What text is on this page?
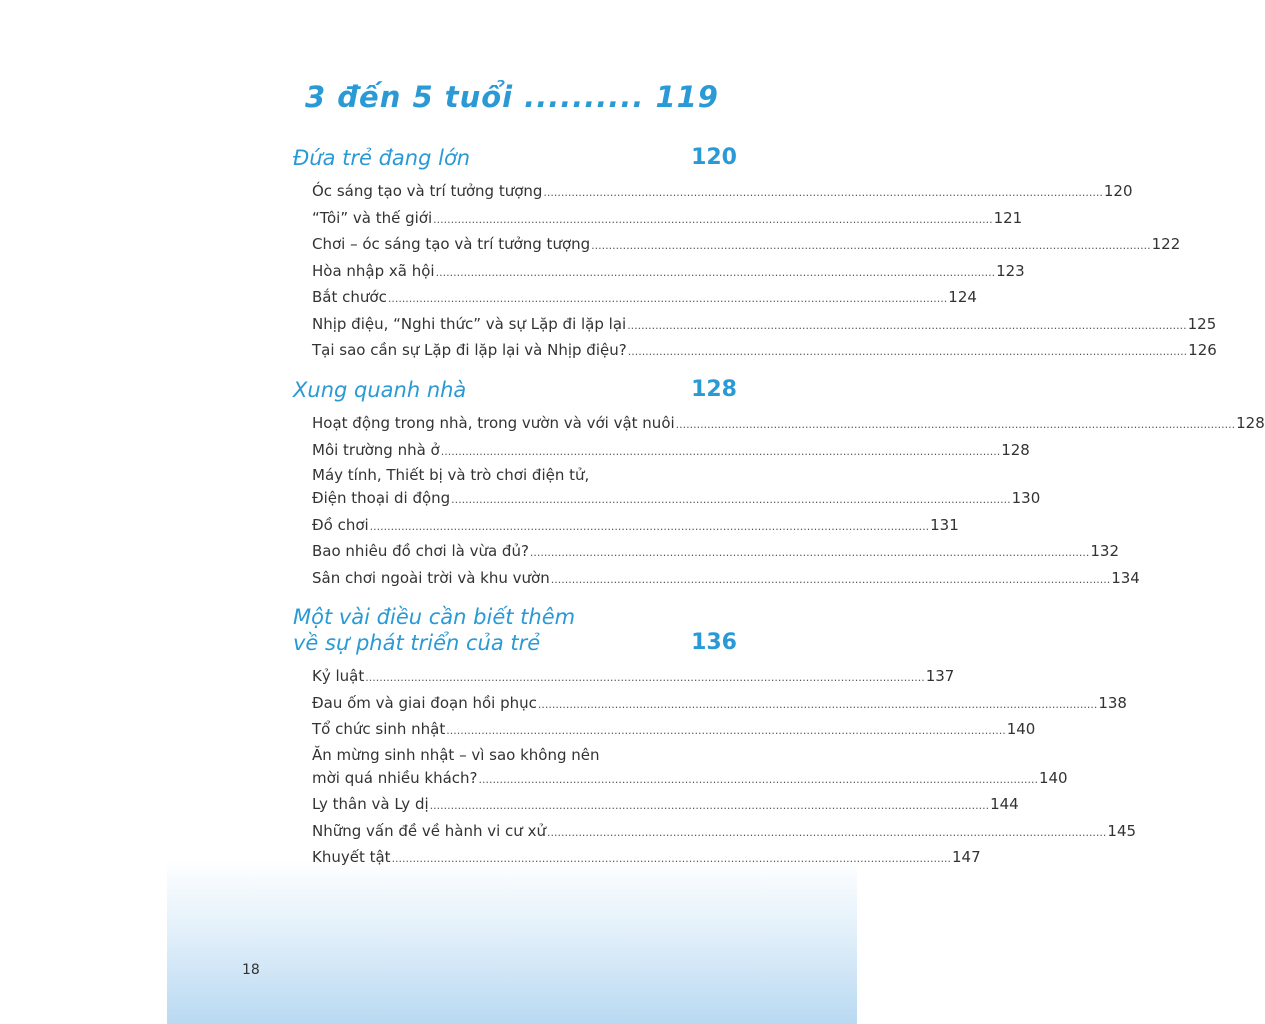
3 đến 5 tuổi .......... 119
Đứa trẻ đang lớn	120
Óc sáng tạo và trí tưởng tượng .....	120
“Tôi” và thế giới .....	121
Chơi – óc sáng tạo và trí tưởng tượng .....	122
Hòa nhập xã hội .....	123
Bắt chước .....	124
Nhịp điệu, “Nghi thức” và sự Lặp đi lặp lại .....	125
Tại sao cần sự Lặp đi lặp lại và Nhịp điệu? .....	126
Xung quanh nhà	128
Hoạt động trong nhà, trong vườn và với vật nuôi .....	128
Môi trường nhà ở .....	128
Máy tính, Thiết bị và trò chơi điện tử,
Điện thoại di động .....	130
Đồ chơi .....	131
Bao nhiêu đồ chơi là vừa đủ? .....	132
Sân chơi ngoài trời và khu vườn .....	134
Một vài điều cần biết thêm
về sự phát triển của trẻ	136
Kỷ luật .....	137
Đau ốm và giai đoạn hồi phục .....	138
Tổ chức sinh nhật .....	140
Ăn mừng sinh nhật – vì sao không nên
mời quá nhiều khách? .....	140
Ly thân và Ly dị .....	144
Những vấn đề về hành vi cư xử .....	145
Khuyết tật .....	147
18
